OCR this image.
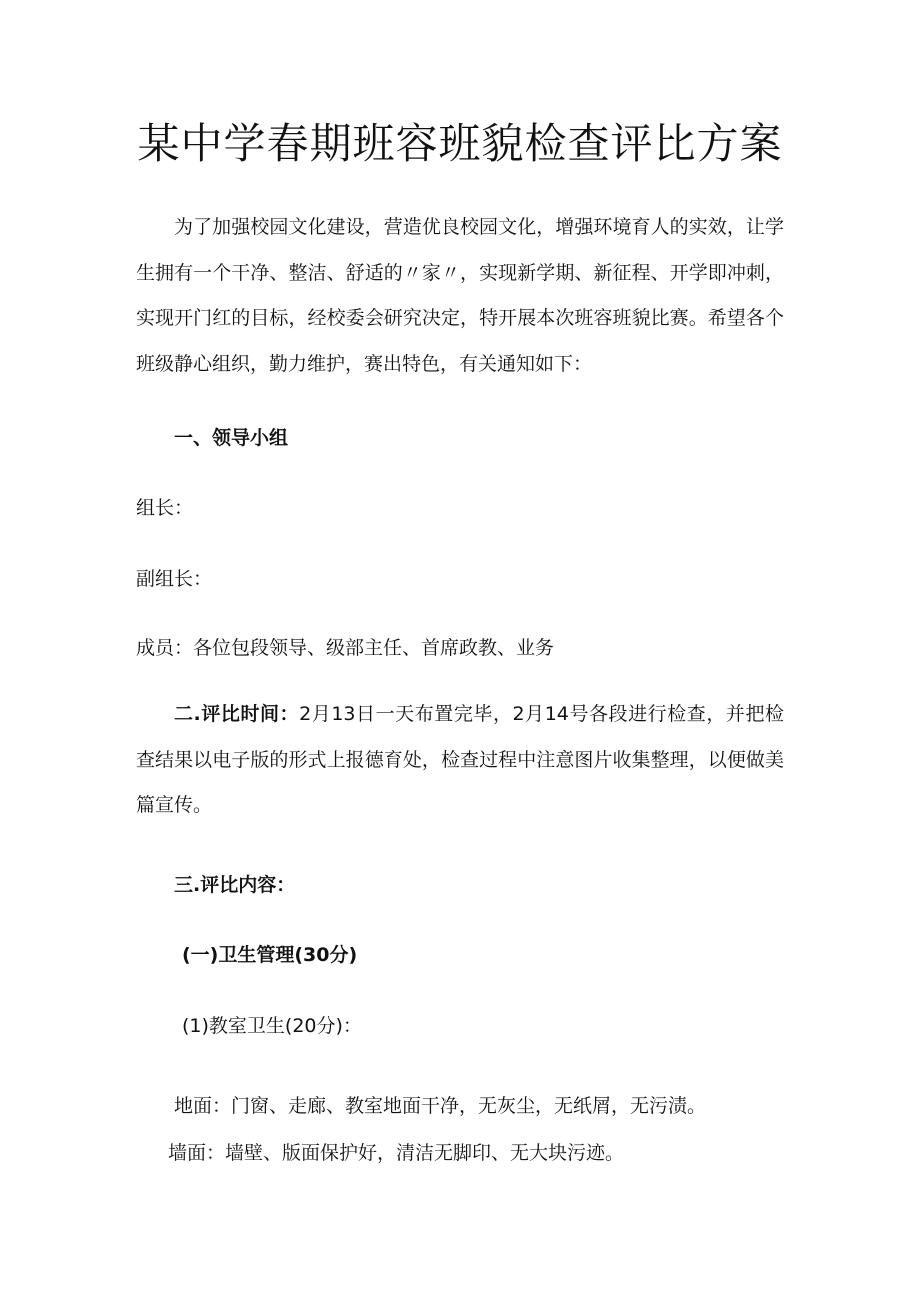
某中学春期班容班貌检查评比方案

为了加强校园文化建设，营造优良校园文化，增强环境育人的实效，让学生拥有一个干净、整洁、舒适的〃家〃，实现新学期、新征程、开学即冲刺，实现开门红的目标，经校委会研究决定，特开展本次班容班貌比赛。希望各个班级静心组织，勤力维护，赛出特色，有关通知如下：

一、领导小组

组长：

副组长：

成员：各位包段领导、级部主任、首席政教、业务

二.评比时间：2月13日一天布置完毕，2月14号各段进行检查，并把检查结果以电子版的形式上报德育处，检查过程中注意图片收集整理，以便做美篇宣传。

三.评比内容：

(一)卫生管理(30分)

(1)教室卫生(20分)：

地面：门窗、走廊、教室地面干净，无灰尘，无纸屑，无污渍。

墙面：墙壁、版面保护好，清洁无脚印、无大块污迹。
